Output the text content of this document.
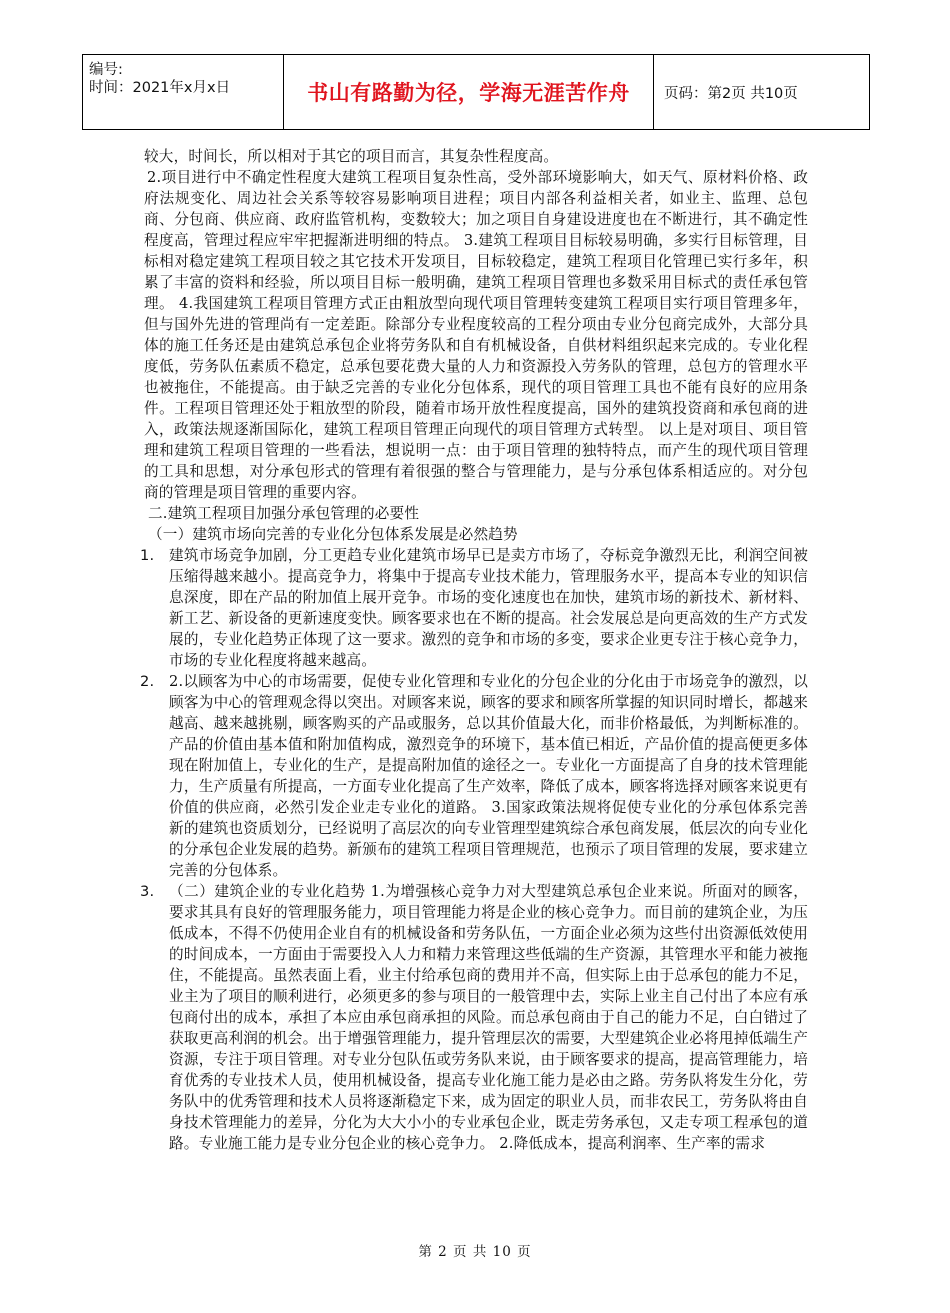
编号:
时间：2021年x月x日	书山有路勤为径，学海无涯苦作舟	页码：第2页 共10页

较大，时间长，所以相对于其它的项目而言，其复杂性程度高。

2.项目进行中不确定性程度大建筑工程项目复杂性高，受外部环境影响大，如天气、原材料价格、政府法规变化、周边社会关系等较容易影响项目进程；项目内部各利益相关者，如业主、监理、总包商、分包商、供应商、政府监管机构，变数较大；加之项目自身建设进度也在不断进行，其不确定性程度高，管理过程应牢牢把握渐进明细的特点。 3.建筑工程项目目标较易明确，多实行目标管理，目标相对稳定建筑工程项目较之其它技术开发项目，目标较稳定，建筑工程项目化管理已实行多年，积累了丰富的资料和经验，所以项目目标一般明确，建筑工程项目管理也多数采用目标式的责任承包管理。 4.我国建筑工程项目管理方式正由粗放型向现代项目管理转变建筑工程项目实行项目管理多年，但与国外先进的管理尚有一定差距。除部分专业程度较高的工程分项由专业分包商完成外，大部分具体的施工任务还是由建筑总承包企业将劳务队和自有机械设备，自供材料组织起来完成的。专业化程度低，劳务队伍素质不稳定，总承包要花费大量的人力和资源投入劳务队的管理，总包方的管理水平也被拖住，不能提高。由于缺乏完善的专业化分包体系，现代的项目管理工具也不能有良好的应用条件。工程项目管理还处于粗放型的阶段，随着市场开放性程度提高，国外的建筑投资商和承包商的进入，政策法规逐渐国际化，建筑工程项目管理正向现代的项目管理方式转型。 以上是对项目、项目管理和建筑工程项目管理的一些看法，想说明一点：由于项目管理的独特特点，而产生的现代项目管理的工具和思想，对分承包形式的管理有着很强的整合与管理能力，是与分承包体系相适应的。对分包商的管理是项目管理的重要内容。

二.建筑工程项目加强分承包管理的必要性

（一）建筑市场向完善的专业化分包体系发展是必然趋势

1. 建筑市场竞争加剧，分工更趋专业化建筑市场早已是卖方市场了，夺标竞争激烈无比，利润空间被压缩得越来越小。提高竞争力，将集中于提高专业技术能力，管理服务水平，提高本专业的知识信息深度，即在产品的附加值上展开竞争。市场的变化速度也在加快，建筑市场的新技术、新材料、新工艺、新设备的更新速度变快。顾客要求也在不断的提高。社会发展总是向更高效的生产方式发展的，专业化趋势正体现了这一要求。激烈的竞争和市场的多变，要求企业更专注于核心竞争力，市场的专业化程度将越来越高。
2. 2.以顾客为中心的市场需要，促使专业化管理和专业化的分包企业的分化由于市场竞争的激烈，以顾客为中心的管理观念得以突出。对顾客来说，顾客的要求和顾客所掌握的知识同时增长，都越来越高、越来越挑剔，顾客购买的产品或服务，总以其价值最大化，而非价格最低，为判断标准的。产品的价值由基本值和附加值构成，激烈竞争的环境下，基本值已相近，产品价值的提高便更多体现在附加值上，专业化的生产，是提高附加值的途径之一。专业化一方面提高了自身的技术管理能力，生产质量有所提高，一方面专业化提高了生产效率，降低了成本，顾客将选择对顾客来说更有价值的供应商，必然引发企业走专业化的道路。 3.国家政策法规将促使专业化的分承包体系完善新的建筑也资质划分，已经说明了高层次的向专业管理型建筑综合承包商发展，低层次的向专业化的分承包企业发展的趋势。新颁布的建筑工程项目管理规范，也预示了项目管理的发展，要求建立完善的分包体系。
3. （二）建筑企业的专业化趋势 1.为增强核心竞争力对大型建筑总承包企业来说。所面对的顾客，要求其具有良好的管理服务能力，项目管理能力将是企业的核心竞争力。而目前的建筑企业，为压低成本，不得不仍使用企业自有的机械设备和劳务队伍，一方面企业必须为这些付出资源低效使用的时间成本，一方面由于需要投入人力和精力来管理这些低端的生产资源，其管理水平和能力被拖住，不能提高。虽然表面上看，业主付给承包商的费用并不高，但实际上由于总承包的能力不足，业主为了项目的顺利进行，必须更多的参与项目的一般管理中去，实际上业主自己付出了本应有承包商付出的成本，承担了本应由承包商承担的风险。而总承包商由于自己的能力不足，白白错过了获取更高利润的机会。出于增强管理能力，提升管理层次的需要，大型建筑企业必将甩掉低端生产资源，专注于项目管理。对专业分包队伍或劳务队来说，由于顾客要求的提高，提高管理能力，培育优秀的专业技术人员，使用机械设备，提高专业化施工能力是必由之路。劳务队将发生分化，劳务队中的优秀管理和技术人员将逐渐稳定下来，成为固定的职业人员，而非农民工，劳务队将由自身技术管理能力的差异，分化为大大小小的专业承包企业，既走劳务承包，又走专项工程承包的道路。专业施工能力是专业分包企业的核心竞争力。 2.降低成本，提高利润率、生产率的需求
第 2 页 共 10 页
